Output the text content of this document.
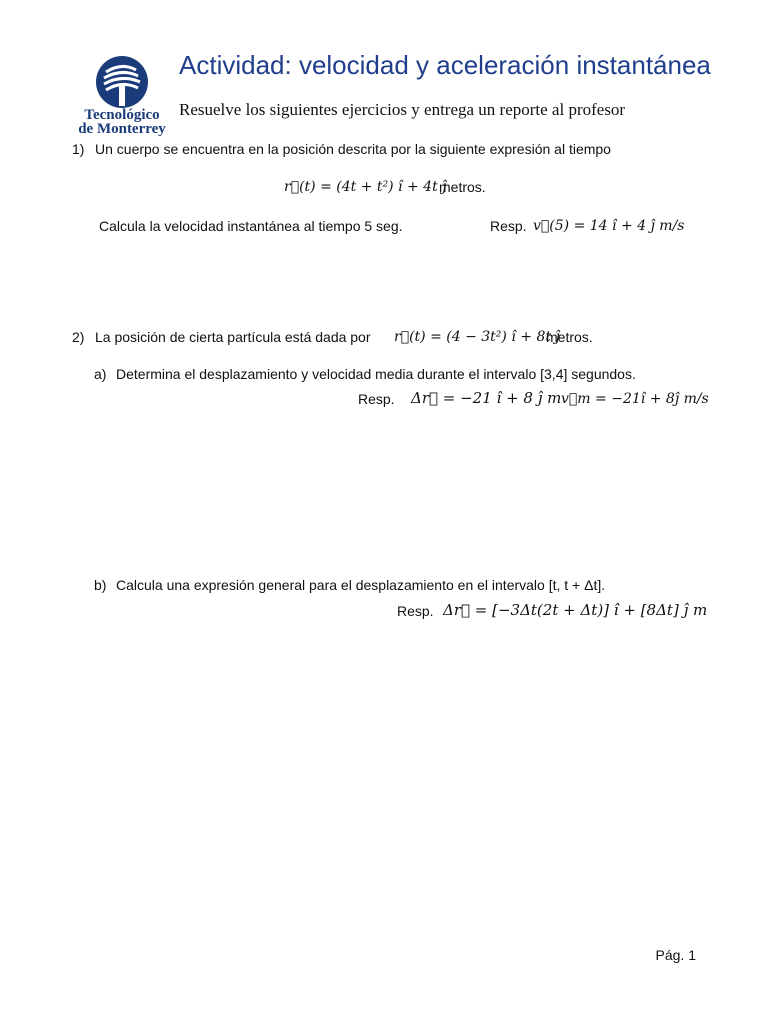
Tecnológico
de Monterrey
Actividad: velocidad y aceleración instantánea
Resuelve los siguientes ejercicios y entrega un reporte al profesor
1) Un cuerpo se encuentra en la posición descrita por la siguiente expresión al tiempo
r⃗(t) = (4t + t²) î + 4t ĵ
metros.
Calcula la velocidad instantánea al tiempo 5 seg.	Resp. v⃗(5) = 14 î + 4 ĵ m/s
2) La posición de cierta partícula está dada por r⃗(t) = (4 − 3t²) î + 8t ĵ
metros.
a) Determina el desplazamiento y velocidad media durante el intervalo [3,4] segundos.
Resp. Δr⃗ = −21 î + 8 ĵ m v⃗m = −21î + 8ĵ m/s
b) Calcula una expresión general para el desplazamiento en el intervalo [t, t + Δt].
Resp. Δr⃗ = [−3Δt(2t + Δt)] î + [8Δt] ĵ m
Pág. 1
